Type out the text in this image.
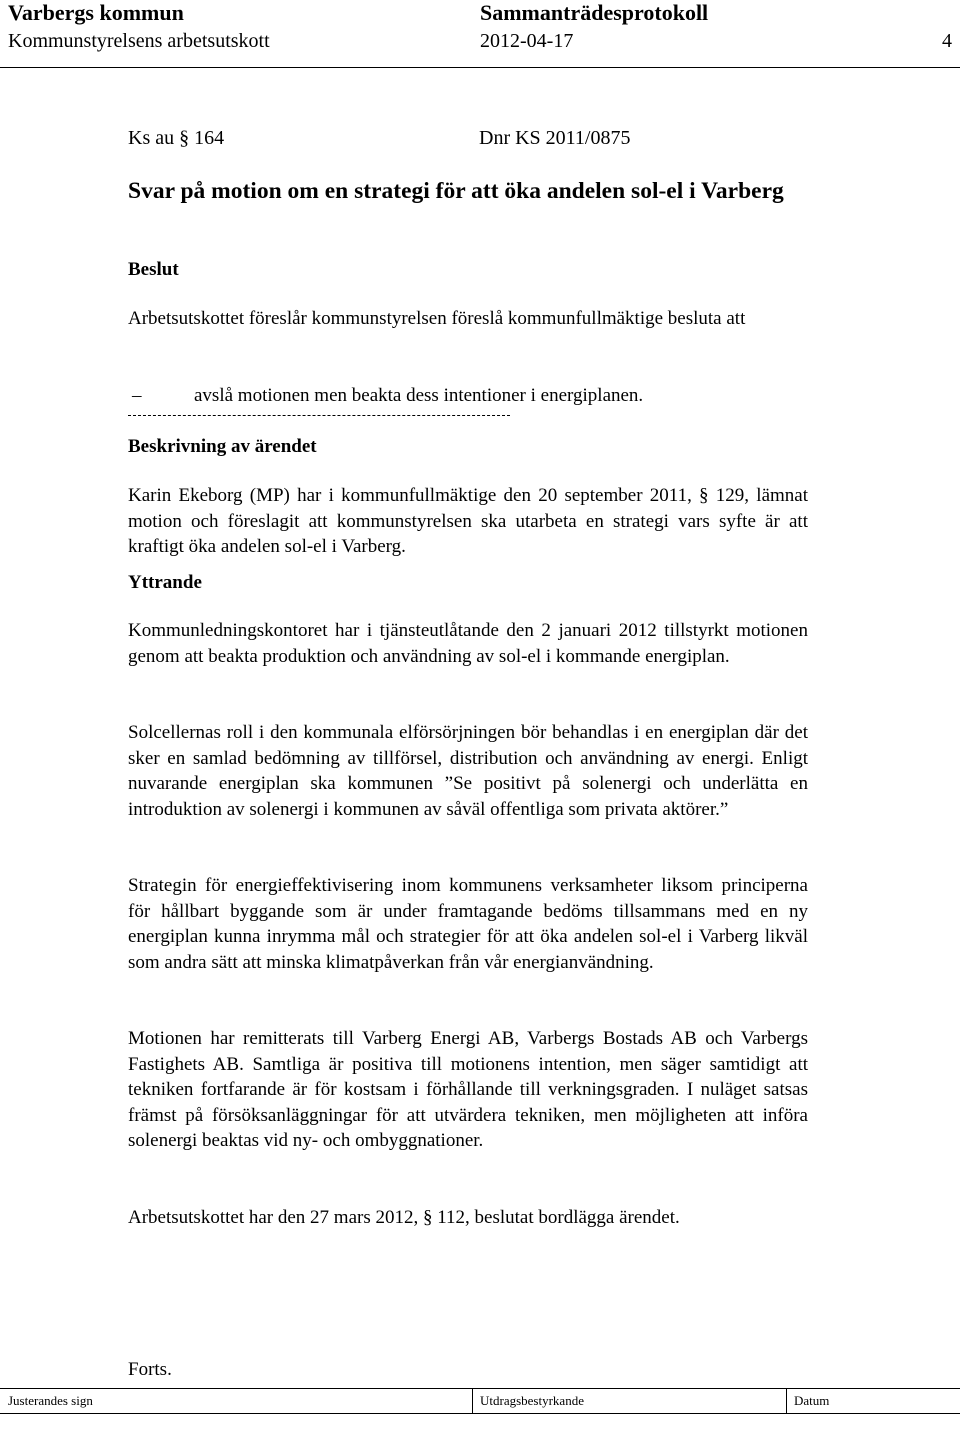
Varbergs kommun	Sammanträdesprotokoll
Kommunstyrelsens arbetsutskott	2012-04-17	4
Ks au § 164	Dnr KS 2011/0875
Svar på motion om en strategi för att öka andelen sol-el i Varberg
Beslut

Arbetsutskottet föreslår kommunstyrelsen föreslå kommunfullmäktige besluta att

–	avslå motionen men beakta dess intentioner i energiplanen.
Beskrivning av ärendet

Karin Ekeborg (MP) har i kommunfullmäktige den 20 september 2011, § 129, lämnat motion och föreslagit att kommunstyrelsen ska utarbeta en strategi vars syfte är att kraftigt öka andelen sol-el i Varberg.

Yttrande

Kommunledningskontoret har i tjänsteutlåtande den 2 januari 2012 tillstyrkt motionen genom att beakta produktion och användning av sol-el i kommande energiplan.

Solcellernas roll i den kommunala elförsörjningen bör behandlas i en energiplan där det sker en samlad bedömning av tillförsel, distribution och användning av energi. Enligt nuvarande energiplan ska kommunen ”Se positivt på solenergi och underlätta en introduktion av solenergi i kommunen av såväl offentliga som privata aktörer.”

Strategin för energieffektivisering inom kommunens verksamheter liksom principerna för hållbart byggande som är under framtagande bedöms tillsammans med en ny energiplan kunna inrymma mål och strategier för att öka andelen sol-el i Varberg likväl som andra sätt att minska klimatpåverkan från vår energianvändning.

Motionen har remitterats till Varberg Energi AB, Varbergs Bostads AB och Varbergs Fastighets AB. Samtliga är positiva till motionens intention, men säger samtidigt att tekniken fortfarande är för kostsam i förhållande till verkningsgraden. I nuläget satsas främst på försöksanläggningar för att utvärdera tekniken, men möjligheten att införa solenergi beaktas vid ny- och ombyggnationer.

Arbetsutskottet har den 27 mars 2012, § 112, beslutat bordlägga ärendet.

Forts.
Justerandes sign	Utdragsbestyrkande	Datum
